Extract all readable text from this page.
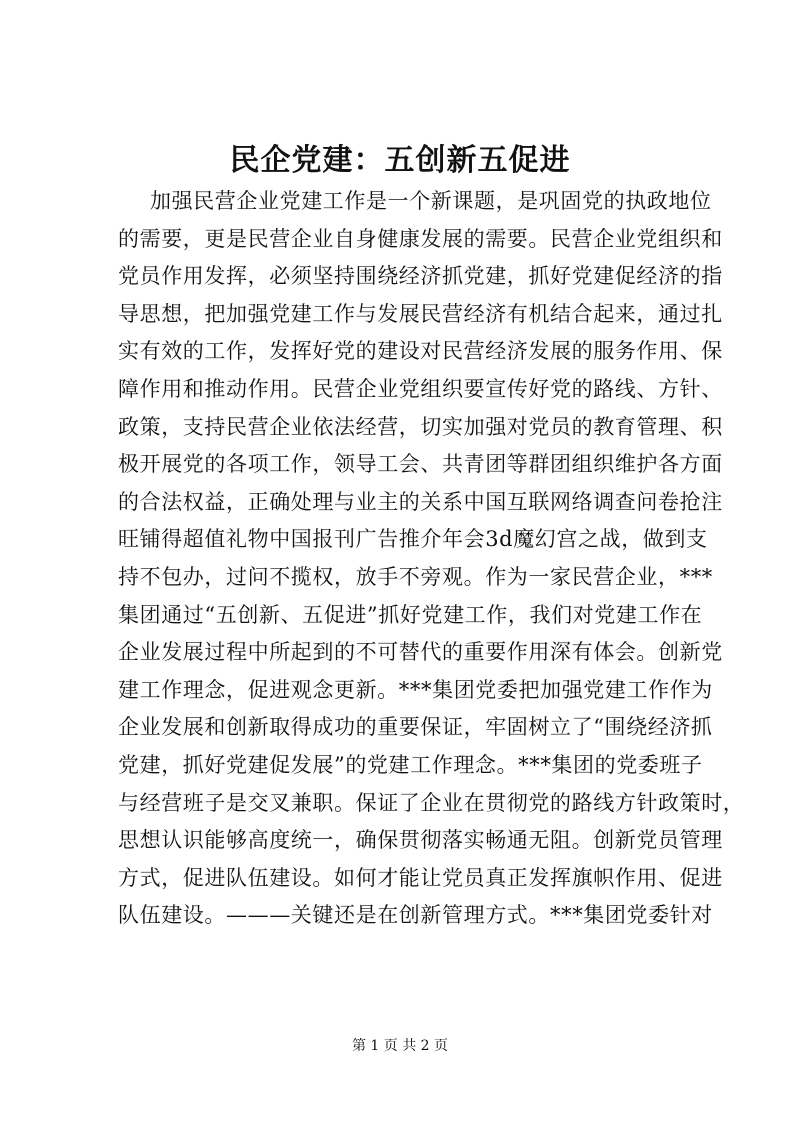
民企党建：五创新五促进
加强民营企业党建工作是一个新课题，是巩固党的执政地位
的需要，更是民营企业自身健康发展的需要。民营企业党组织和
党员作用发挥，必须坚持围绕经济抓党建，抓好党建促经济的指
导思想，把加强党建工作与发展民营经济有机结合起来，通过扎
实有效的工作，发挥好党的建设对民营经济发展的服务作用、保
障作用和推动作用。民营企业党组织要宣传好党的路线、方针、
政策，支持民营企业依法经营，切实加强对党员的教育管理、积
极开展党的各项工作，领导工会、共青团等群团组织维护各方面
的合法权益，正确处理与业主的关系中国互联网络调查问卷抢注
旺铺得超值礼物中国报刊广告推介年会3d魔幻宫之战，做到支
持不包办，过问不揽权，放手不旁观。作为一家民营企业，***
集团通过“五创新、五促进”抓好党建工作，我们对党建工作在
企业发展过程中所起到的不可替代的重要作用深有体会。创新党
建工作理念，促进观念更新。***集团党委把加强党建工作作为
企业发展和创新取得成功的重要保证，牢固树立了“围绕经济抓
党建，抓好党建促发展”的党建工作理念。***集团的党委班子
与经营班子是交叉兼职。保证了企业在贯彻党的路线方针政策时，
思想认识能够高度统一，确保贯彻落实畅通无阻。创新党员管理
方式，促进队伍建设。如何才能让党员真正发挥旗帜作用、促进
队伍建设。———关键还是在创新管理方式。***集团党委针对
第 1 页 共 2 页
